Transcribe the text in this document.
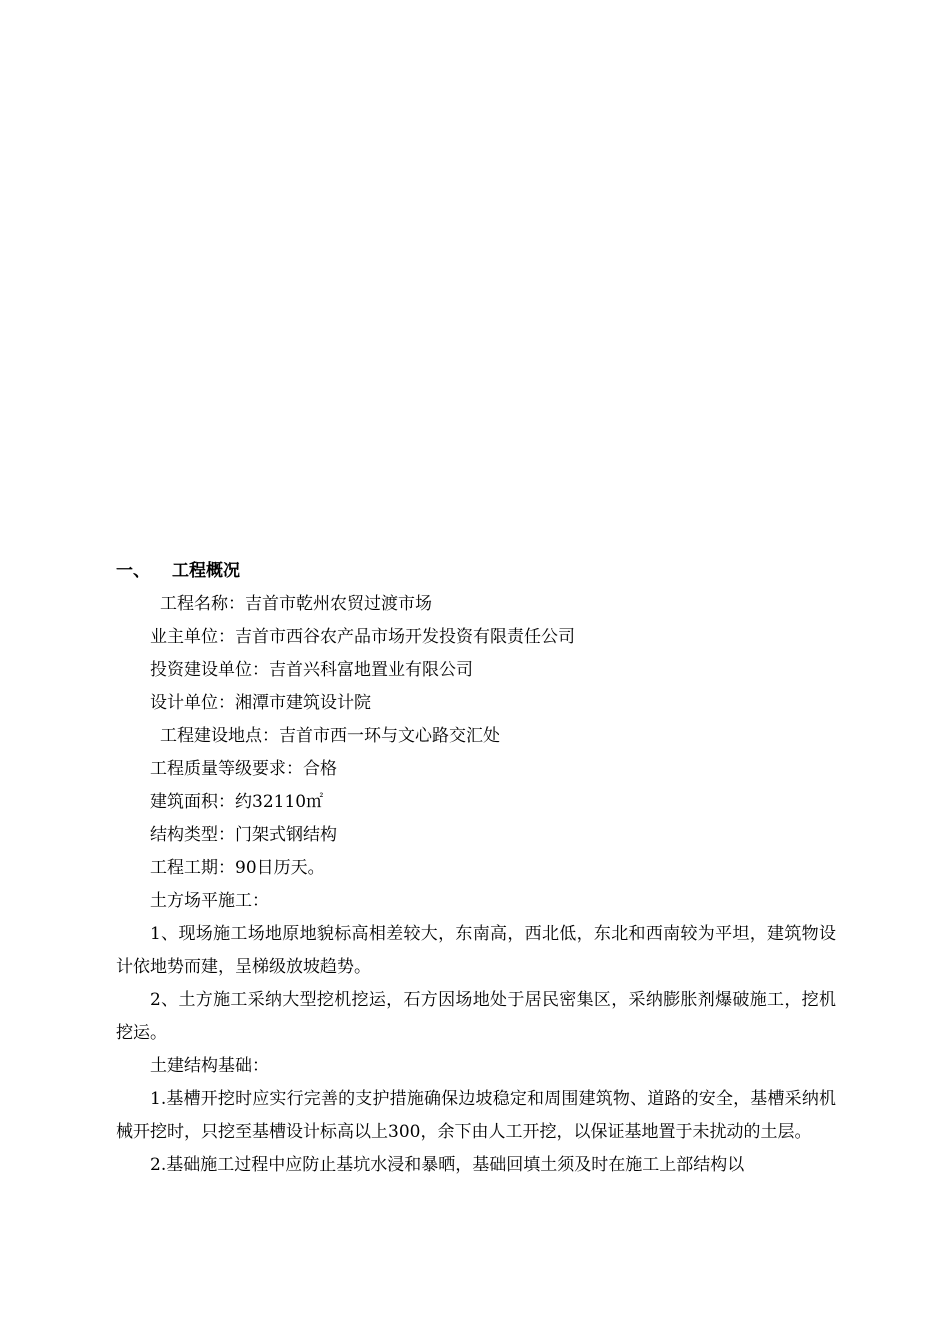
一、	工程概况
工程名称：吉首市乾州农贸过渡市场
业主单位：吉首市西谷农产品市场开发投资有限责任公司
投资建设单位：吉首兴科富地置业有限公司
设计单位：湘潭市建筑设计院
工程建设地点：吉首市西一环与文心路交汇处
工程质量等级要求：合格
建筑面积：约32110㎡
结构类型：门架式钢结构
工程工期：90日历天。
土方场平施工：
1、现场施工场地原地貌标高相差较大，东南高，西北低，东北和西南较为平坦，建筑物设计依地势而建，呈梯级放坡趋势。
2、土方施工采纳大型挖机挖运，石方因场地处于居民密集区，采纳膨胀剂爆破施工，挖机挖运。
土建结构基础：
1.基槽开挖时应实行完善的支护措施确保边坡稳定和周围建筑物、道路的安全，基槽采纳机械开挖时，只挖至基槽设计标高以上300，余下由人工开挖，以保证基地置于未扰动的土层。
2.基础施工过程中应防止基坑水浸和暴晒，基础回填土须及时在施工上部结构以
